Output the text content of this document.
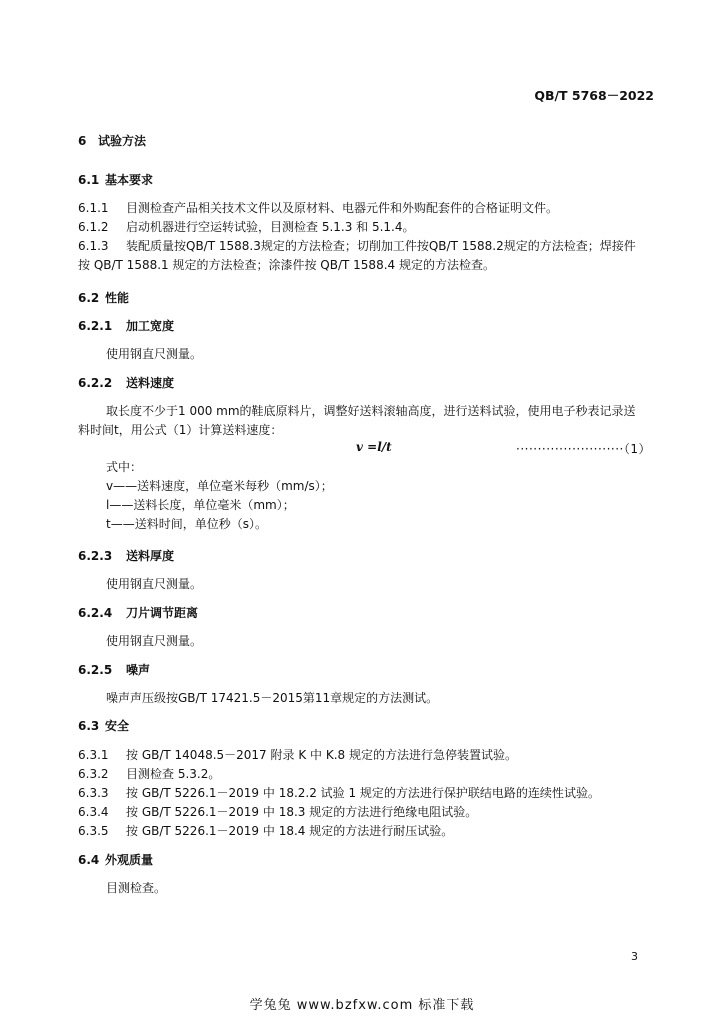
QB/T 5768－2022
6 试验方法
6.1 基本要求
6.1.1 目测检查产品相关技术文件以及原材料、电器元件和外购配套件的合格证明文件。
6.1.2 启动机器进行空运转试验，目测检查 5.1.3 和 5.1.4。
6.1.3 装配质量按QB/T 1588.3规定的方法检查；切削加工件按QB/T 1588.2规定的方法检查；焊接件
按 QB/T 1588.1 规定的方法检查；涂漆件按 QB/T 1588.4 规定的方法检查。
6.2 性能
6.2.1 加工宽度
使用钢直尺测量。
6.2.2 送料速度
取长度不少于1 000 mm的鞋底原料片，调整好送料滚轴高度，进行送料试验，使用电子秒表记录送
料时间t，用公式（1）计算送料速度：
式中：
v——送料速度，单位毫米每秒（mm/s）；
l——送料长度，单位毫米（mm）；
t——送料时间，单位秒（s）。
6.2.3 送料厚度
使用钢直尺测量。
6.2.4 刀片调节距离
使用钢直尺测量。
6.2.5 噪声
噪声声压级按GB/T 17421.5－2015第11章规定的方法测试。
6.3 安全
6.3.1 按 GB/T 14048.5－2017 附录 K 中 K.8 规定的方法进行急停装置试验。
6.3.2 目测检查 5.3.2。
6.3.3 按 GB/T 5226.1－2019 中 18.2.2 试验 1 规定的方法进行保护联结电路的连续性试验。
6.3.4 按 GB/T 5226.1－2019 中 18.3 规定的方法进行绝缘电阻试验。
6.3.5 按 GB/T 5226.1－2019 中 18.4 规定的方法进行耐压试验。
6.4 外观质量
目测检查。
v =l/t	·························（1）
3
学兔兔 www.bzfxw.com 标准下载
